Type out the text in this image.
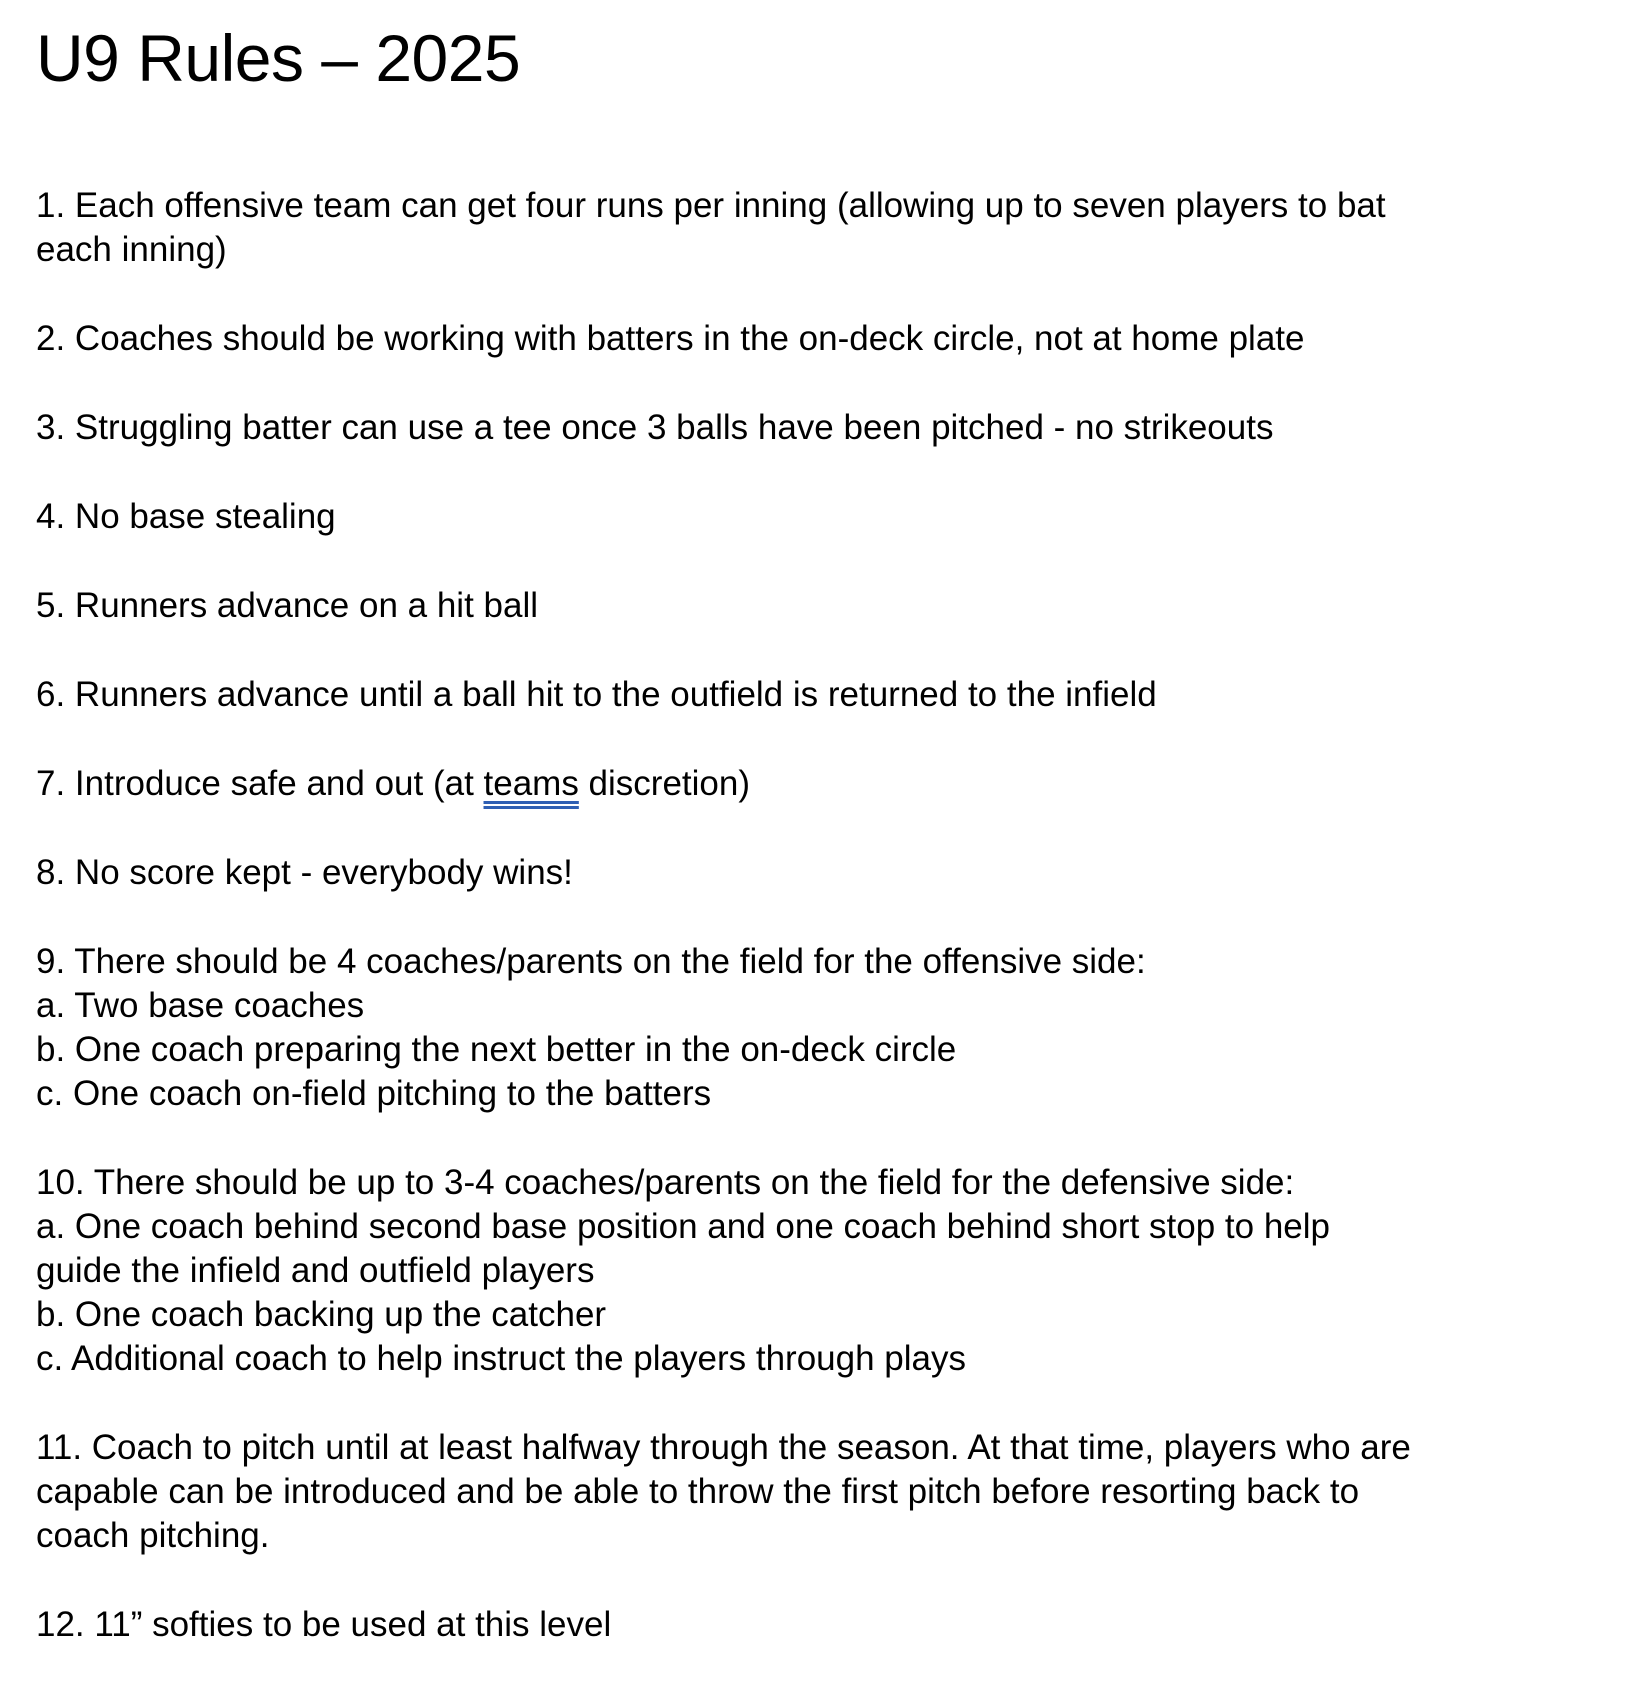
U9 Rules – 2025

1. Each offensive team can get four runs per inning (allowing up to seven players to bat
each inning)

2. Coaches should be working with batters in the on-deck circle, not at home plate

3. Struggling batter can use a tee once 3 balls have been pitched - no strikeouts

4. No base stealing

5. Runners advance on a hit ball

6. Runners advance until a ball hit to the outfield is returned to the infield

7. Introduce safe and out (at teams discretion)

8. No score kept - everybody wins!

9. There should be 4 coaches/parents on the field for the offensive side:
a. Two base coaches
b. One coach preparing the next better in the on-deck circle
c. One coach on-field pitching to the batters

10. There should be up to 3-4 coaches/parents on the field for the defensive side:
a. One coach behind second base position and one coach behind short stop to help
guide the infield and outfield players
b. One coach backing up the catcher
c. Additional coach to help instruct the players through plays

11. Coach to pitch until at least halfway through the season. At that time, players who are
capable can be introduced and be able to throw the first pitch before resorting back to
coach pitching.

12. 11” softies to be used at this level
